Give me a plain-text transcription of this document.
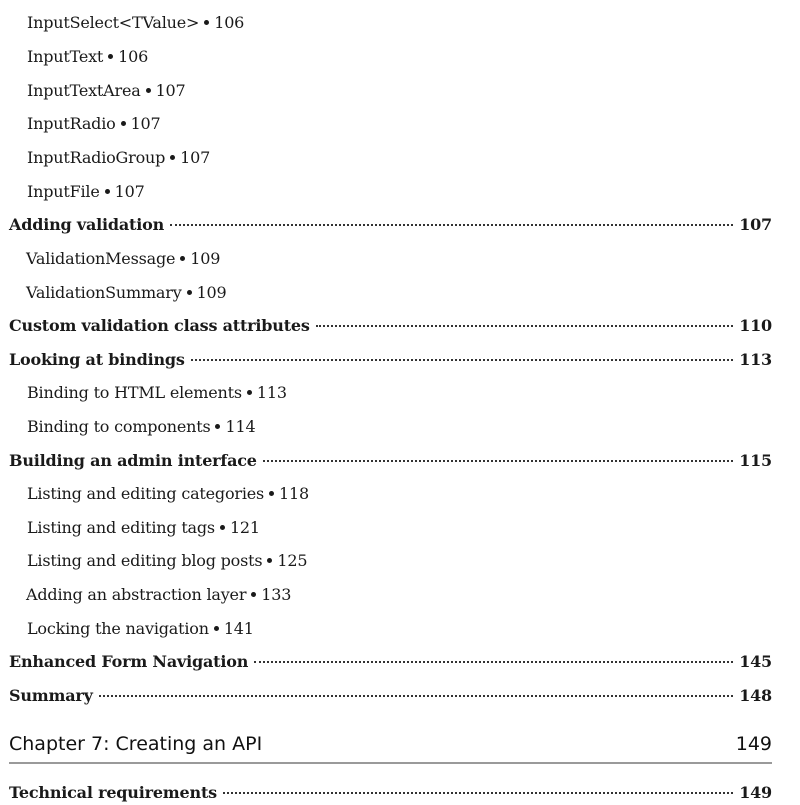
InputSelect<TValue> 106
InputText 106
InputTextArea 107
InputRadio 107
InputRadioGroup 107
InputFile 107
Adding validation	107
ValidationMessage 109
ValidationSummary 109
Custom validation class attributes	110
Looking at bindings	113
Binding to HTML elements 113
Binding to components 114
Building an admin interface	115
Listing and editing categories 118
Listing and editing tags 121
Listing and editing blog posts 125
Adding an abstraction layer 133
Locking the navigation 141
Enhanced Form Navigation	145
Summary	148
Chapter 7: Creating an API	149
Technical requirements	149
